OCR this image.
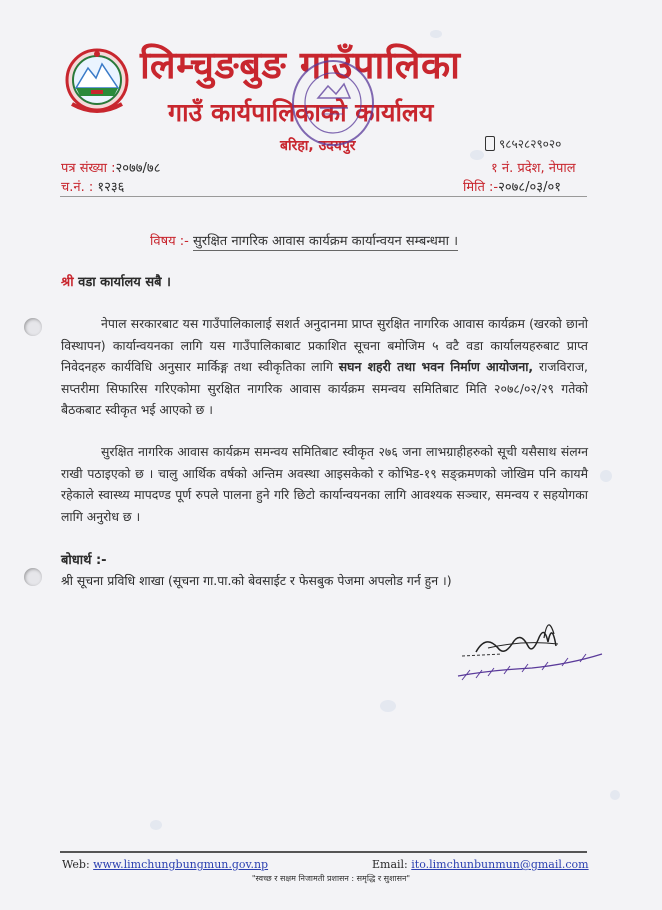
लिम्चुङबुङ गाउँपालिका
गाउँ कार्यपालिकाको कार्यालय
बरिहा, उदयपुर	९८५२८२९०२०
पत्र संख्या :२०७७/७८
च.नं. : १२३६
१ नं. प्रदेश, नेपाल
मिति :-२०७८/०३/०१
विषय :- सुरक्षित नागरिक आवास कार्यक्रम कार्यान्वयन सम्बन्धमा ।
श्री वडा कार्यालय सबै ।
नेपाल सरकारबाट यस गाउँपालिकालाई सशर्त अनुदानमा प्राप्त सुरक्षित नागरिक आवास कार्यक्रम (खरको छानो विस्थापन) कार्यान्वयनका लागि यस गाउँपालिकाबाट प्रकाशित सूचना बमोजिम ५ वटै वडा कार्यालयहरुबाट प्राप्त निवेदनहरु कार्यविधि अनुसार मार्किङ्ग तथा स्वीकृतिका लागि सघन शहरी तथा भवन निर्माण आयोजना, राजविराज, सप्तरीमा सिफारिस गरिएकोमा सुरक्षित नागरिक आवास कार्यक्रम समन्वय समितिबाट मिति २०७८/०२/२९ गतेको बैठकबाट स्वीकृत भई आएको छ ।
सुरक्षित नागरिक आवास कार्यक्रम समन्वय समितिबाट स्वीकृत २७६ जना लाभग्राहीहरुको सूची यसैसाथ संलग्न राखी पठाइएको छ । चालु आर्थिक वर्षको अन्तिम अवस्था आइसकेको र कोभिड-१९ सङ्क्रमणको जोखिम पनि कायमै रहेकाले स्वास्थ्य मापदण्ड पूर्ण रुपले पालना हुने गरि छिटो कार्यान्वयनका लागि आवश्यक सञ्चार, समन्वय र सहयोगका लागि अनुरोध छ ।
बोधार्थ :-
श्री सूचना प्रविधि शाखा (सूचना गा.पा.को बेवसाईट र फेसबुक पेजमा अपलोड गर्न हुन ।)
Web: www.limchungbungmun.gov.np	Email: ito.limchunbunmun@gmail.com
"स्वच्छ र सक्षम निजामती प्रशासन : समृद्धि र सुशासन"
